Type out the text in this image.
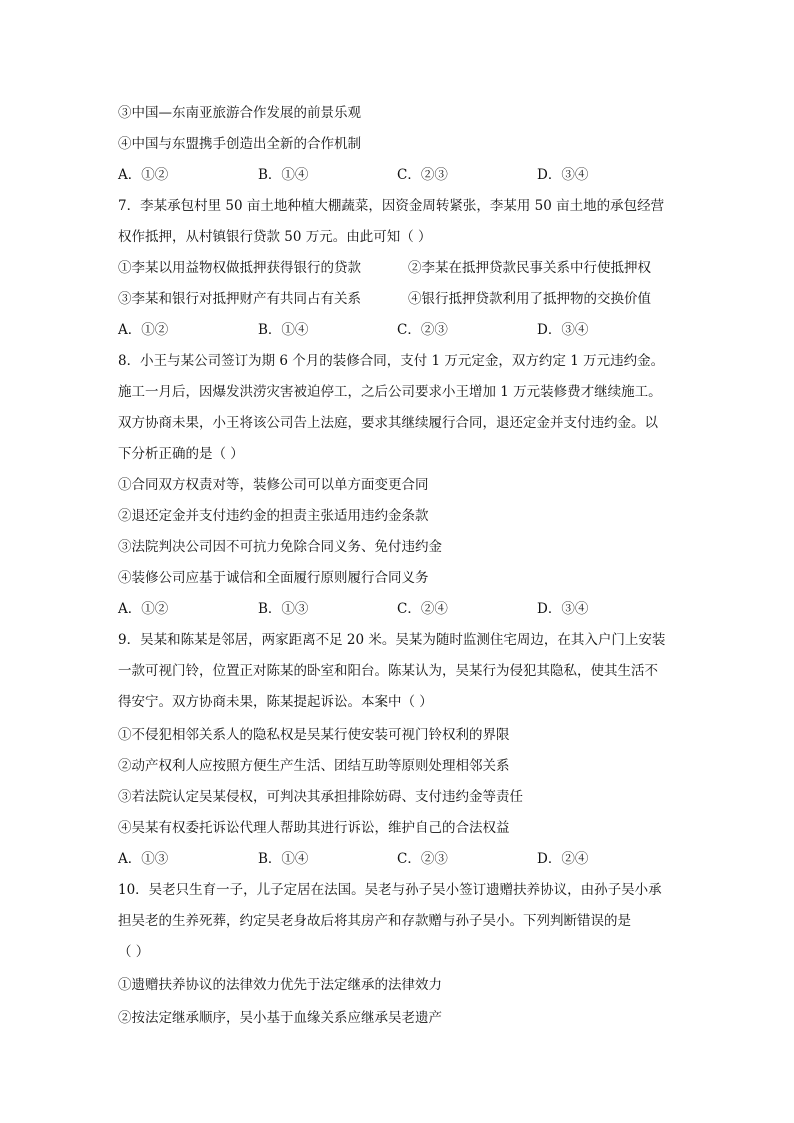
③中国—东南亚旅游合作发展的前景乐观
④中国与东盟携手创造出全新的合作机制
A．①②	B．①④	C．②③	D．③④
7．李某承包村里 50 亩土地种植大棚蔬菜，因资金周转紧张，李某用 50 亩土地的承包经营
权作抵押，从村镇银行贷款 50 万元。由此可知（ ）
①李某以用益物权做抵押获得银行的贷款	②李某在抵押贷款民事关系中行使抵押权
③李某和银行对抵押财产有共同占有关系	④银行抵押贷款利用了抵押物的交换价值
A．①②	B．①④	C．②③	D．③④
8．小王与某公司签订为期 6 个月的装修合同，支付 1 万元定金，双方约定 1 万元违约金。
施工一月后，因爆发洪涝灾害被迫停工，之后公司要求小王增加 1 万元装修费才继续施工。
双方协商未果，小王将该公司告上法庭，要求其继续履行合同，退还定金并支付违约金。以
下分析正确的是（ ）
①合同双方权责对等，装修公司可以单方面变更合同
②退还定金并支付违约金的担责主张适用违约金条款
③法院判决公司因不可抗力免除合同义务、免付违约金
④装修公司应基于诚信和全面履行原则履行合同义务
A．①②	B．①③	C．②④	D．③④
9．吴某和陈某是邻居，两家距离不足 20 米。吴某为随时监测住宅周边，在其入户门上安装
一款可视门铃，位置正对陈某的卧室和阳台。陈某认为，吴某行为侵犯其隐私，使其生活不
得安宁。双方协商未果，陈某提起诉讼。本案中（ ）
①不侵犯相邻关系人的隐私权是吴某行使安装可视门铃权利的界限
②动产权利人应按照方便生产生活、团结互助等原则处理相邻关系
③若法院认定吴某侵权，可判决其承担排除妨碍、支付违约金等责任
④吴某有权委托诉讼代理人帮助其进行诉讼，维护自己的合法权益
A．①③	B．①④	C．②③	D．②④
10．吴老只生育一子，儿子定居在法国。吴老与孙子吴小签订遗赠扶养协议，由孙子吴小承
担吴老的生养死葬，约定吴老身故后将其房产和存款赠与孙子吴小。下列判断错误的是
（ ）
①遗赠扶养协议的法律效力优先于法定继承的法律效力
②按法定继承顺序，吴小基于血缘关系应继承吴老遗产
